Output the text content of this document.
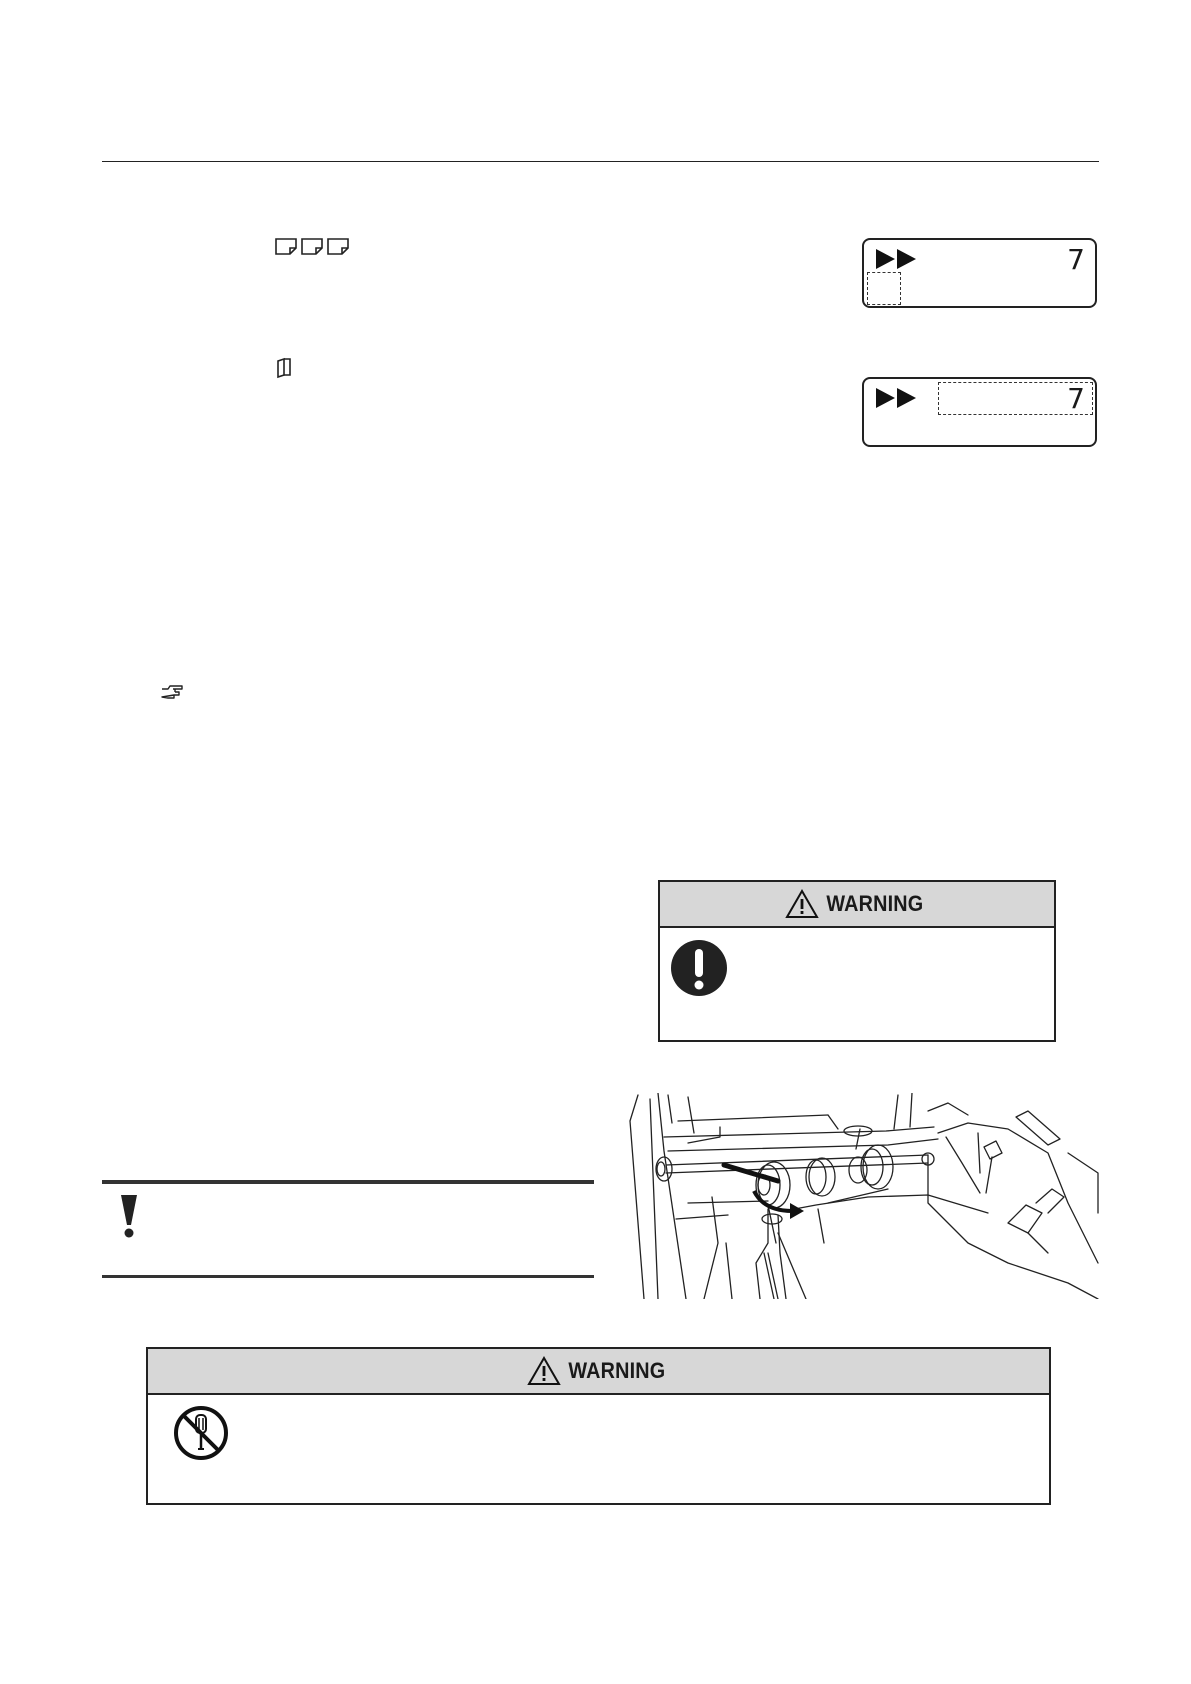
7
7
WARNING
WARNING
